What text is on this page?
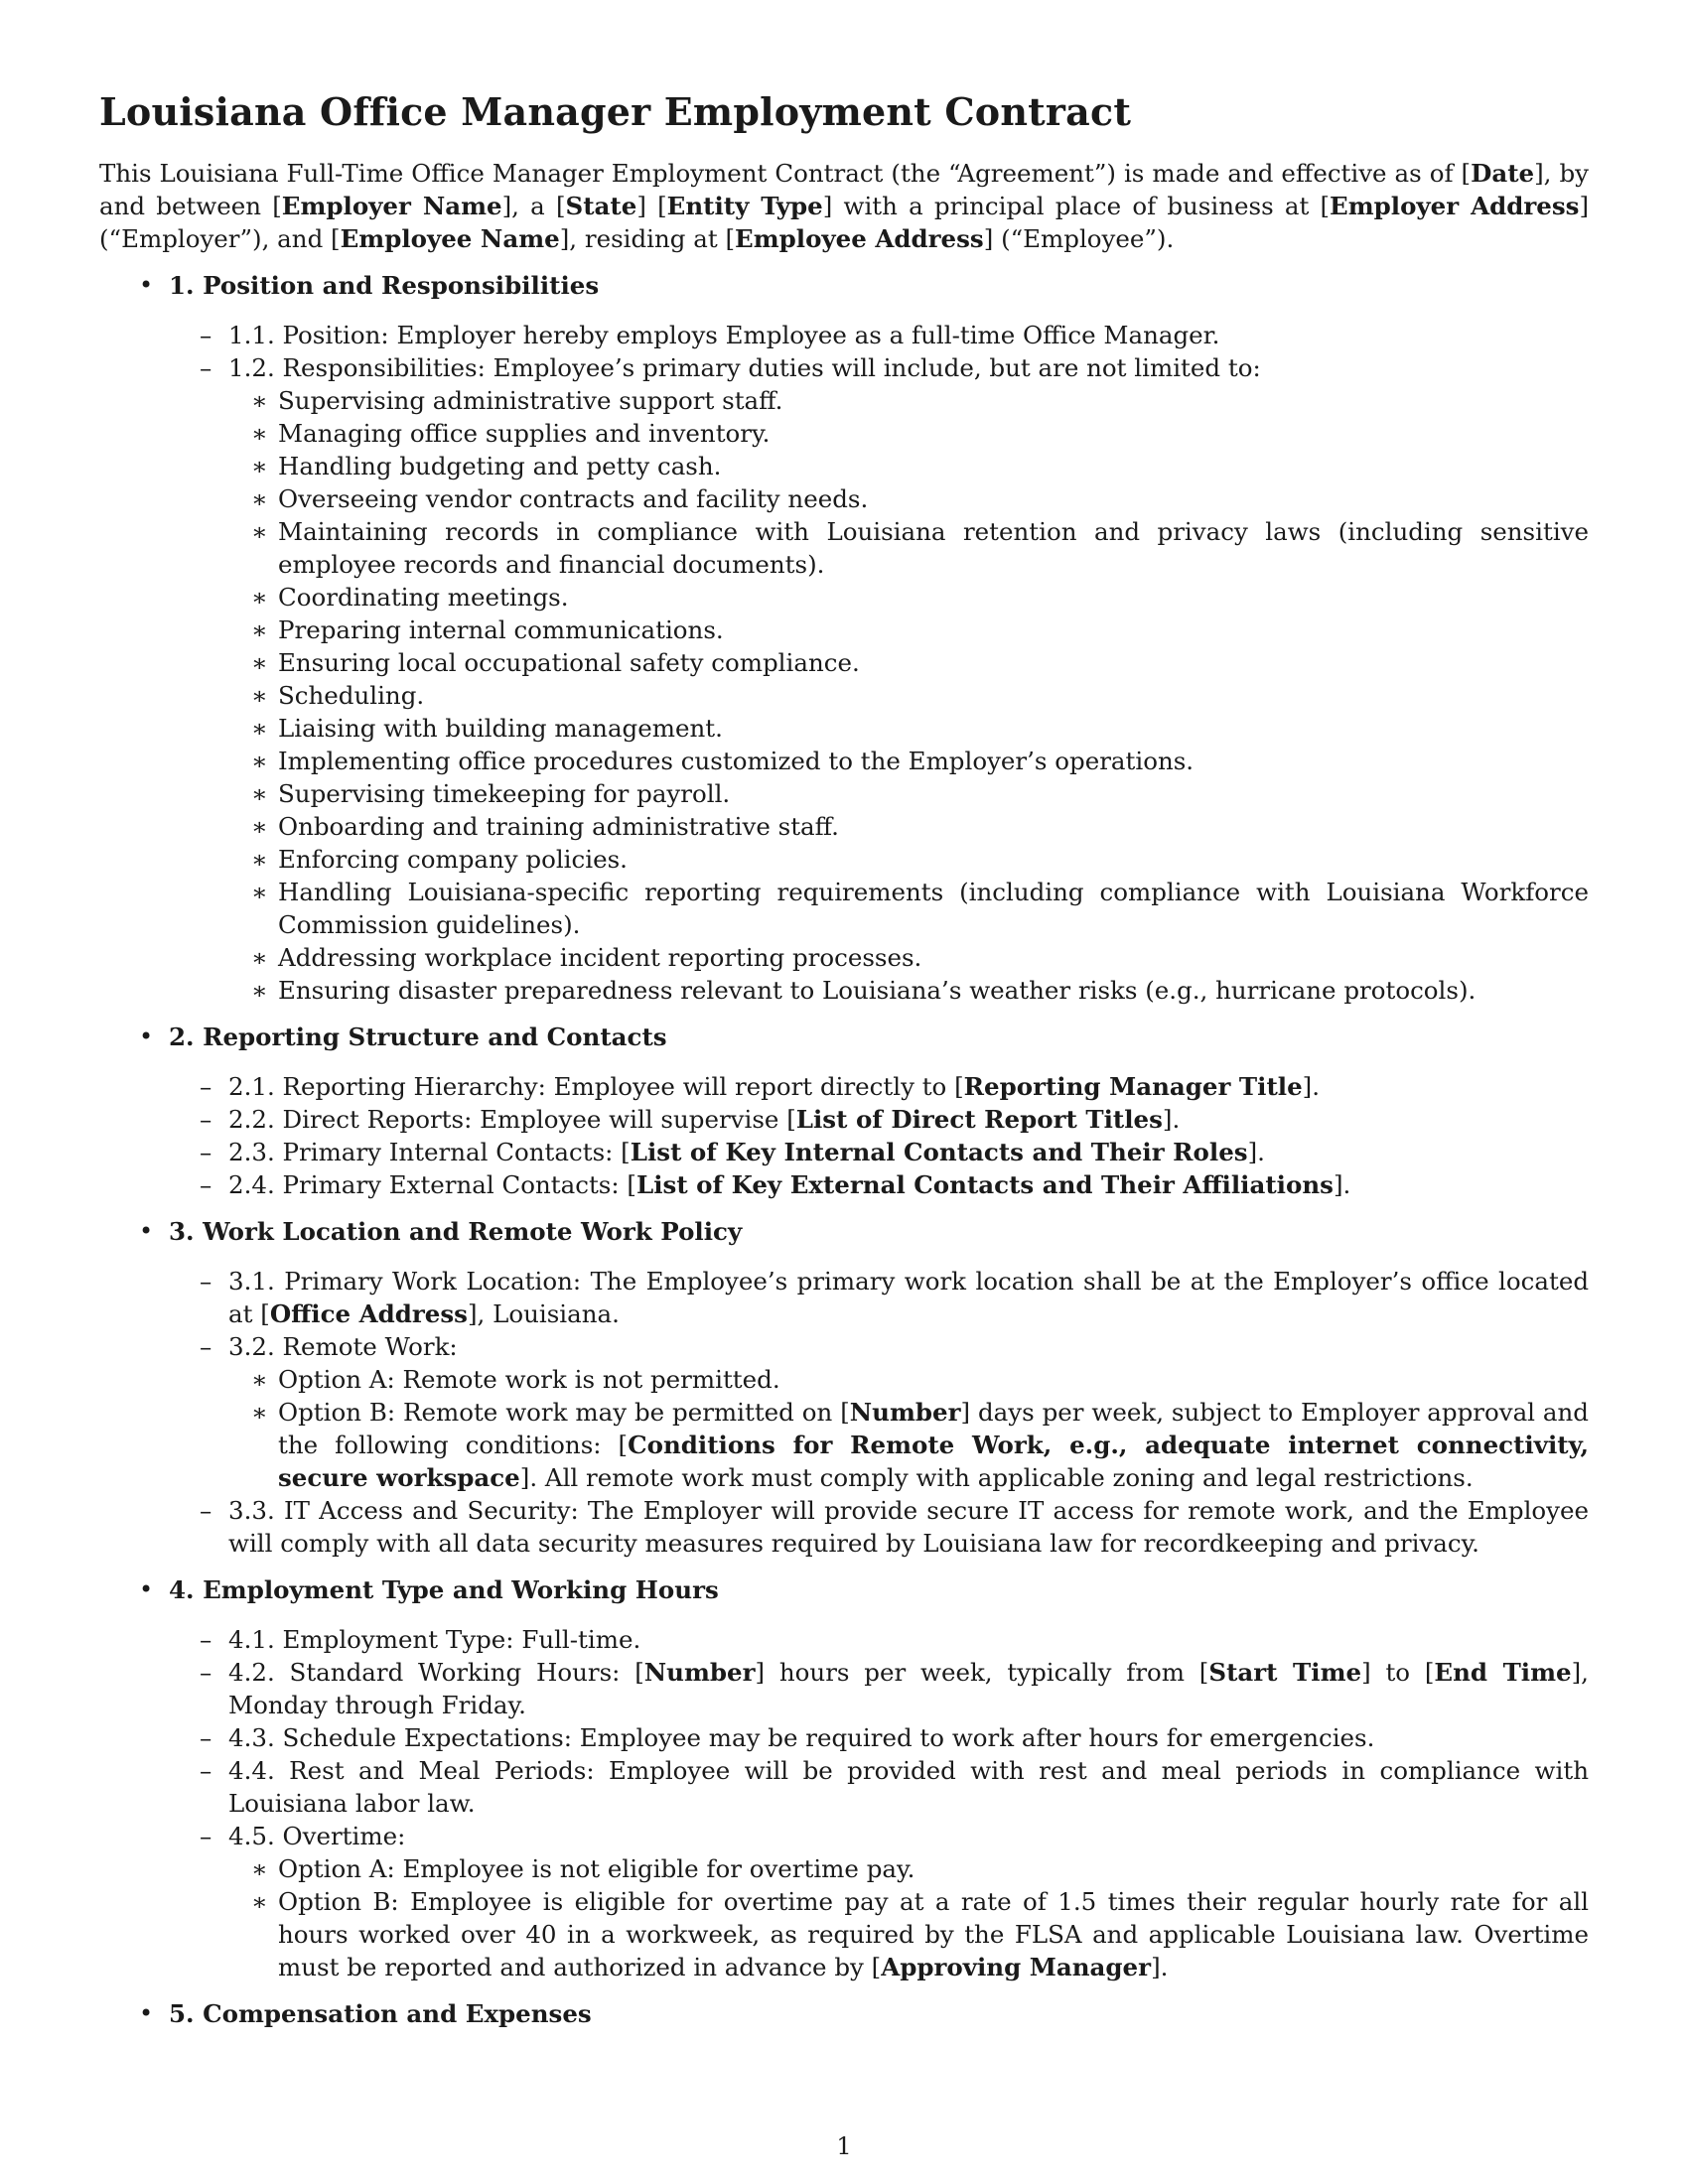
Louisiana Office Manager Employment Contract

This Louisiana Full-Time Office Manager Employment Contract (the “Agreement”) is made and effective as of [Date], by and between [Employer Name], a [State] [Entity Type] with a principal place of business at [Employer Address] (“Employer”), and [Employee Name], residing at [Employee Address] (“Employee”).

• 1. Position and Responsibilities
– 1.1. Position: Employer hereby employs Employee as a full-time Office Manager.
– 1.2. Responsibilities: Employee’s primary duties will include, but are not limited to:
∗ Supervising administrative support staff.
∗ Managing office supplies and inventory.
∗ Handling budgeting and petty cash.
∗ Overseeing vendor contracts and facility needs.
∗ Maintaining records in compliance with Louisiana retention and privacy laws (including sensitive employee records and financial documents).
∗ Coordinating meetings.
∗ Preparing internal communications.
∗ Ensuring local occupational safety compliance.
∗ Scheduling.
∗ Liaising with building management.
∗ Implementing office procedures customized to the Employer’s operations.
∗ Supervising timekeeping for payroll.
∗ Onboarding and training administrative staff.
∗ Enforcing company policies.
∗ Handling Louisiana-specific reporting requirements (including compliance with Louisiana Workforce Commission guidelines).
∗ Addressing workplace incident reporting processes.
∗ Ensuring disaster preparedness relevant to Louisiana’s weather risks (e.g., hurricane protocols).
• 2. Reporting Structure and Contacts
– 2.1. Reporting Hierarchy: Employee will report directly to [Reporting Manager Title].
– 2.2. Direct Reports: Employee will supervise [List of Direct Report Titles].
– 2.3. Primary Internal Contacts: [List of Key Internal Contacts and Their Roles].
– 2.4. Primary External Contacts: [List of Key External Contacts and Their Affiliations].
• 3. Work Location and Remote Work Policy
– 3.1. Primary Work Location: The Employee’s primary work location shall be at the Employer’s office located at [Office Address], Louisiana.
– 3.2. Remote Work:
∗ Option A: Remote work is not permitted.
∗ Option B: Remote work may be permitted on [Number] days per week, subject to Employer approval and the following conditions: [Conditions for Remote Work, e.g., adequate internet connectivity, secure workspace]. All remote work must comply with applicable zoning and legal restrictions.
– 3.3. IT Access and Security: The Employer will provide secure IT access for remote work, and the Employee will comply with all data security measures required by Louisiana law for recordkeeping and privacy.
• 4. Employment Type and Working Hours
– 4.1. Employment Type: Full-time.
– 4.2. Standard Working Hours: [Number] hours per week, typically from [Start Time] to [End Time], Monday through Friday.
– 4.3. Schedule Expectations: Employee may be required to work after hours for emergencies.
– 4.4. Rest and Meal Periods: Employee will be provided with rest and meal periods in compliance with Louisiana labor law.
– 4.5. Overtime:
∗ Option A: Employee is not eligible for overtime pay.
∗ Option B: Employee is eligible for overtime pay at a rate of 1.5 times their regular hourly rate for all hours worked over 40 in a workweek, as required by the FLSA and applicable Louisiana law. Overtime must be reported and authorized in advance by [Approving Manager].
• 5. Compensation and Expenses
1
